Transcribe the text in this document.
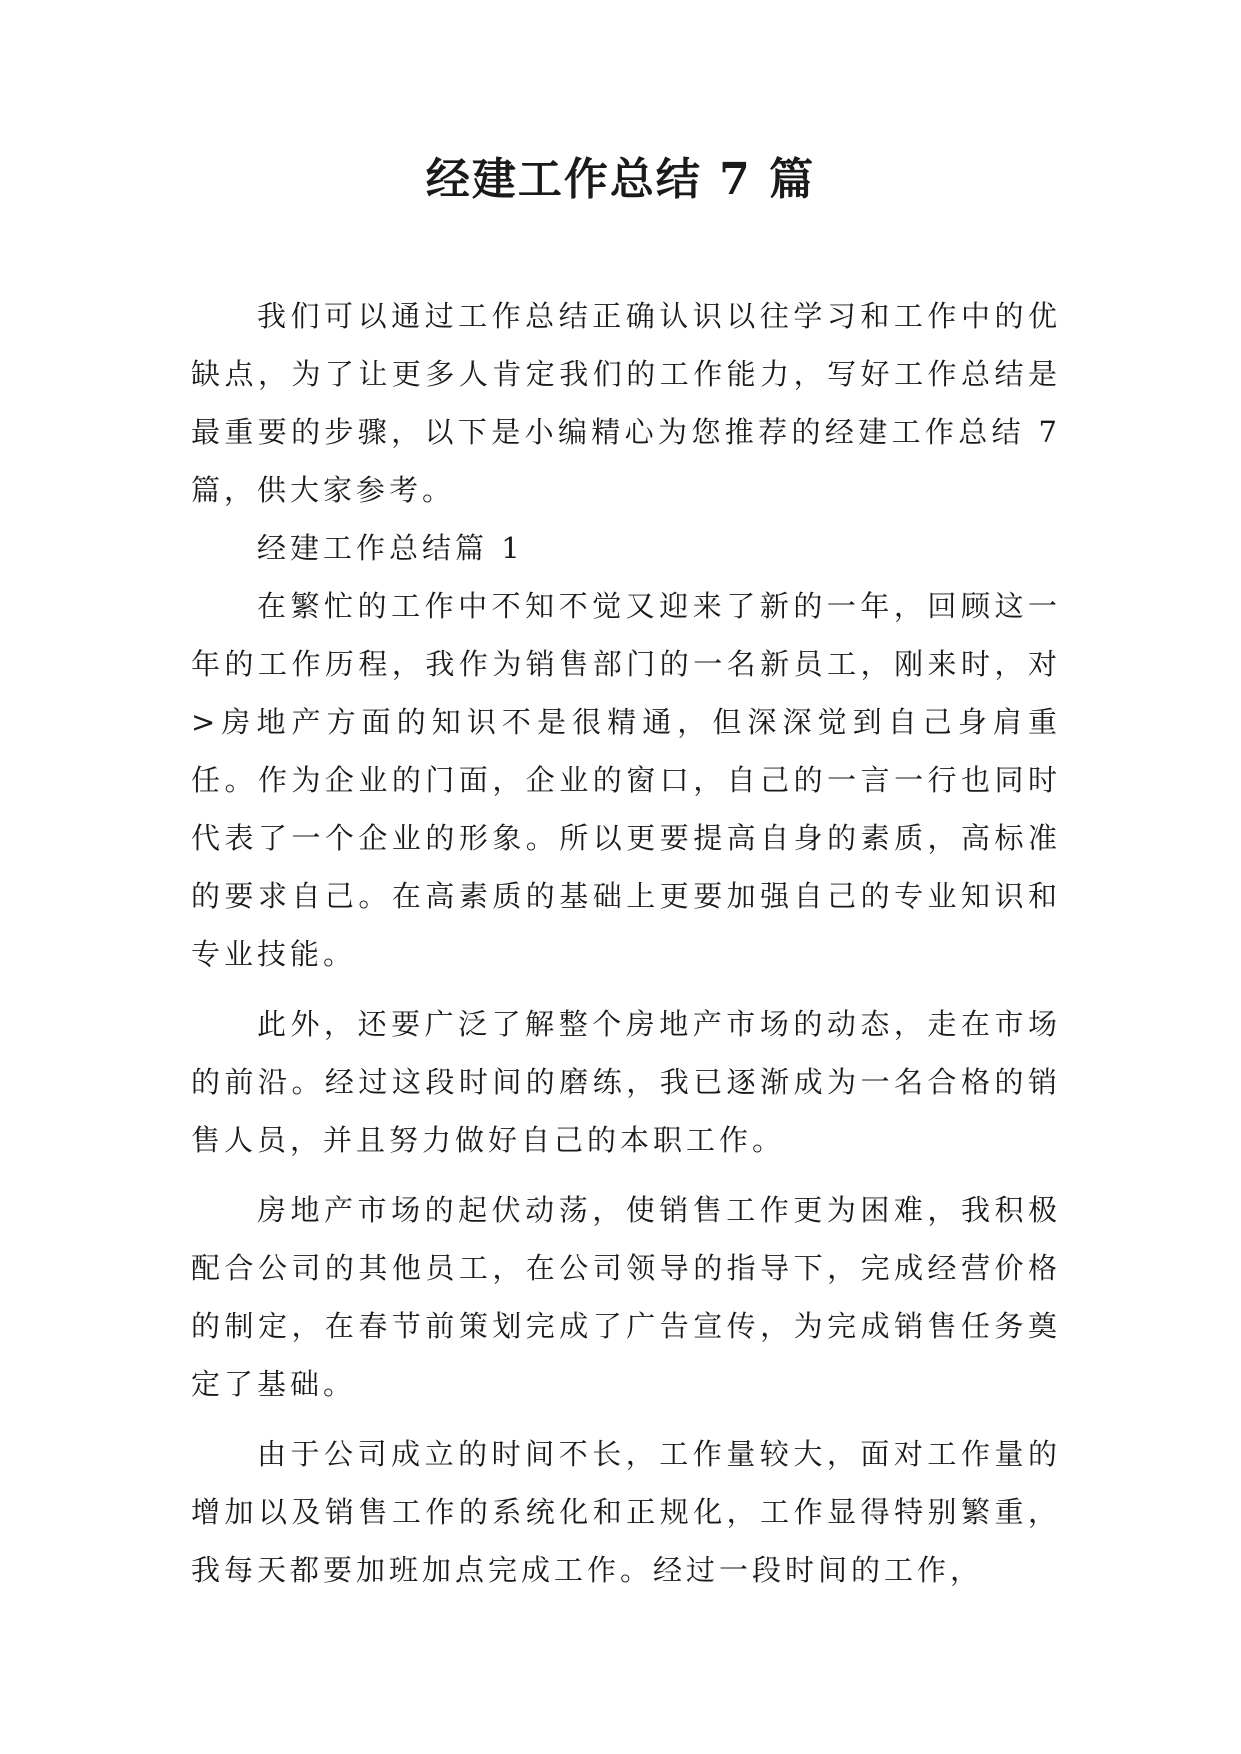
经建工作总结 7 篇

我们可以通过工作总结正确认识以往学习和工作中的优缺点，为了让更多人肯定我们的工作能力，写好工作总结是最重要的步骤，以下是小编精心为您推荐的经建工作总结 7 篇，供大家参考。

经建工作总结篇 1

在繁忙的工作中不知不觉又迎来了新的一年，回顾这一年的工作历程，我作为销售部门的一名新员工，刚来时，对>房地产方面的知识不是很精通，但深深觉到自己身肩重任。作为企业的门面，企业的窗口，自己的一言一行也同时代表了一个企业的形象。所以更要提高自身的素质，高标准的要求自己。在高素质的基础上更要加强自己的专业知识和专业技能。

此外，还要广泛了解整个房地产市场的动态，走在市场的前沿。经过这段时间的磨练，我已逐渐成为一名合格的销售人员，并且努力做好自己的本职工作。

房地产市场的起伏动荡，使销售工作更为困难，我积极配合公司的其他员工，在公司领导的指导下，完成经营价格的制定，在春节前策划完成了广告宣传，为完成销售任务奠定了基础。

由于公司成立的时间不长，工作量较大，面对工作量的增加以及销售工作的系统化和正规化，工作显得特别繁重，我每天都要加班加点完成工作。经过一段时间的工作，
